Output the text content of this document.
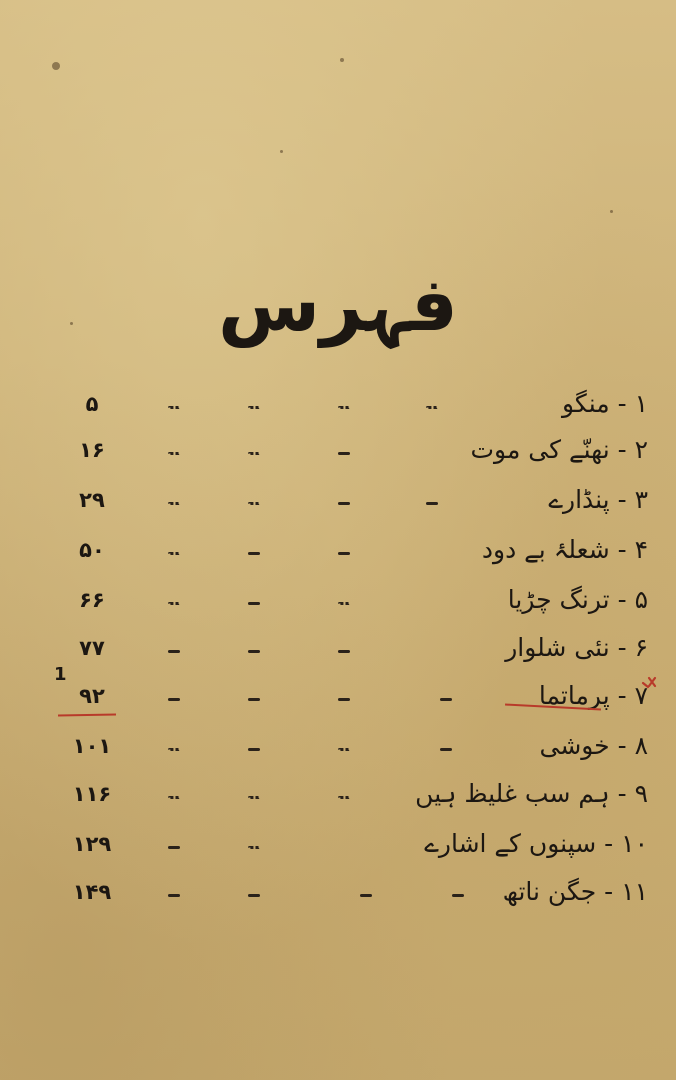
فہرس
۱ - منگو
۵
۲ - نھنّے کی موت
۱۶
۳ - پنڈارے
۲۹
۴ - شعلۂ بے دود
۵۰
۵ - ترنگ چڑیا
۶۶
۶ - نئی شلوار
۷۷
۷ - پرماتما
۹۲
۸ - خوشی
۱۰۱
۹ - ہم سب غلیظ ہیں
۱۱۶
۱۰ - سپنوں کے اشارے
۱۲۹
۱۱ - جگن ناتھ
۱۴۹
1
